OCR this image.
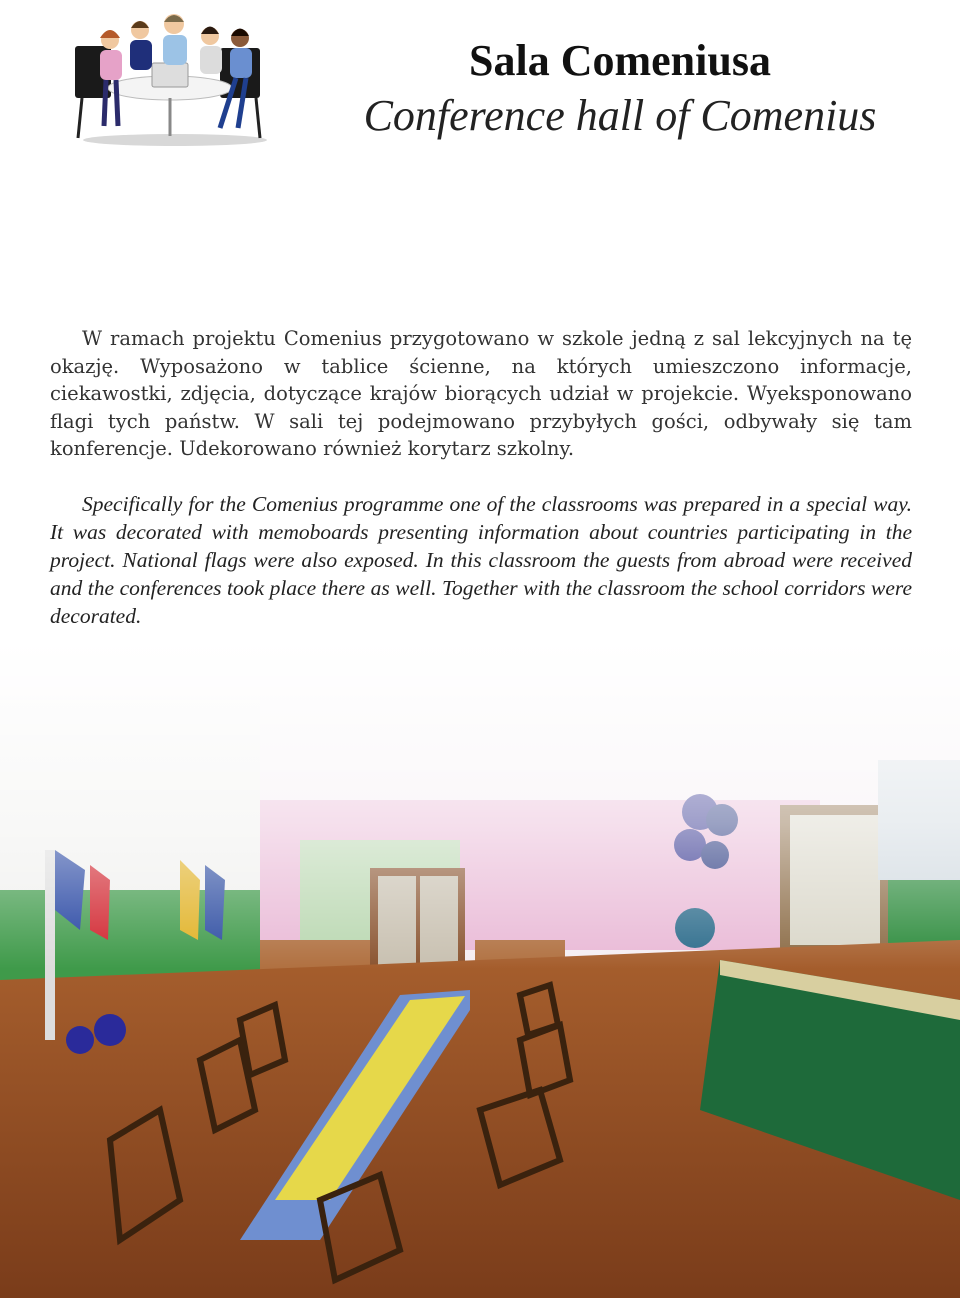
Sala Comeniusa
Conference hall of Comenius

W ramach projektu Comenius przygotowano w szkole jedną z sal lekcyjnych na tę okazję. Wyposażono w tablice ścienne, na których umieszczono informacje, ciekawostki, zdjęcia, dotyczące krajów biorących udział w projekcie. Wyeksponowano flagi tych państw. W sali tej podejmowano przybyłych gości, odbywały się tam konferencje. Udekorowano również korytarz szkolny.

Specifically for the Comenius programme one of the classrooms was prepared in a special way. It was decorated with memoboards presenting information about countries participating in the project. National flags were also exposed. In this classroom the guests from abroad were received and the conferences took place there as well. Together with the classroom the school corridors were decorated.
